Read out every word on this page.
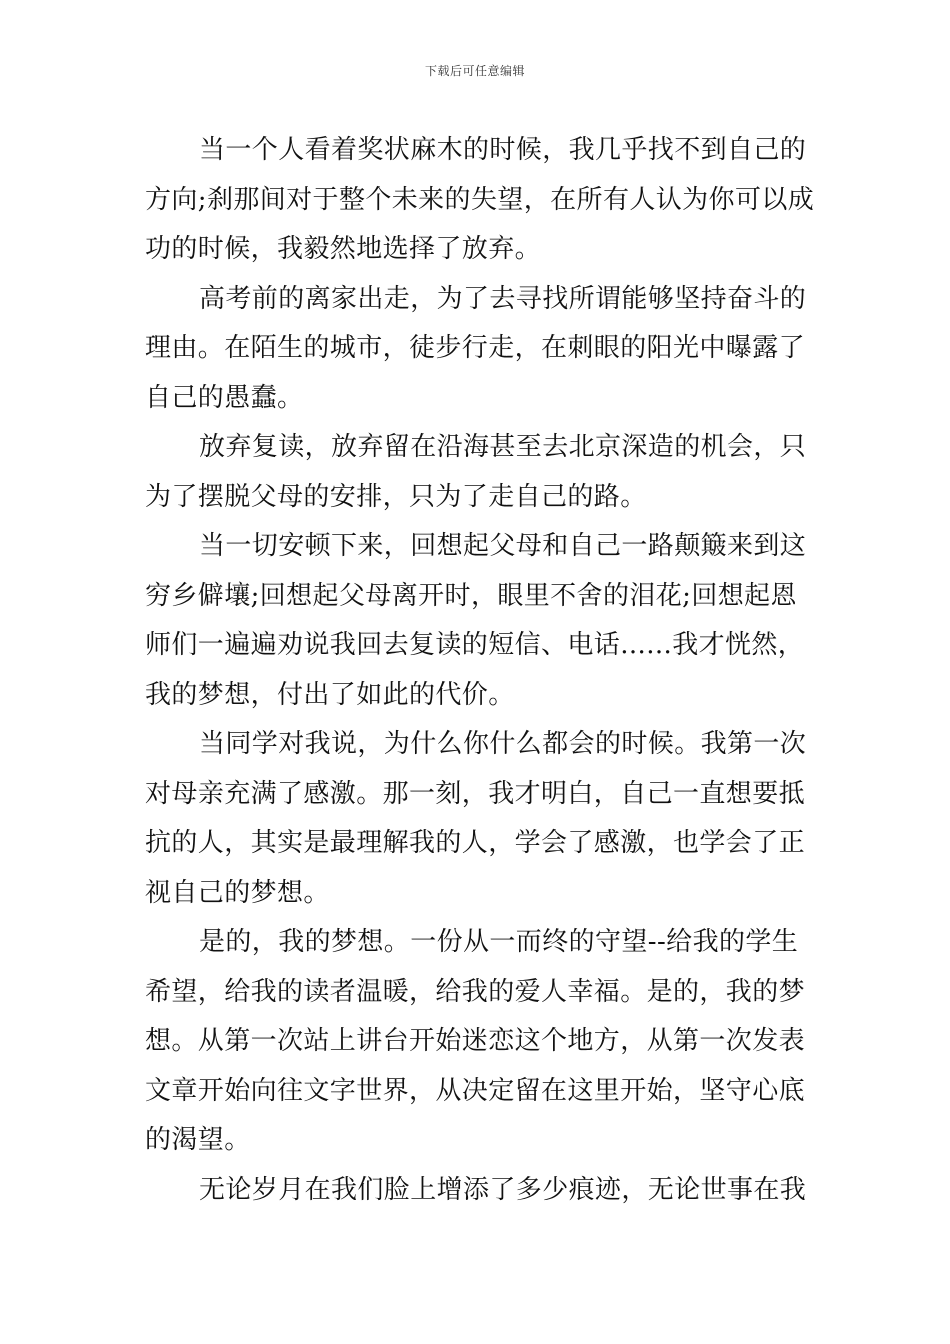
下载后可任意编辑
当一个人看着奖状麻木的时候，我几乎找不到自己的
方向;刹那间对于整个未来的失望，在所有人认为你可以成
功的时候，我毅然地选择了放弃。
高考前的离家出走，为了去寻找所谓能够坚持奋斗的
理由。在陌生的城市，徒步行走，在刺眼的阳光中曝露了
自己的愚蠢。
放弃复读，放弃留在沿海甚至去北京深造的机会，只
为了摆脱父母的安排，只为了走自己的路。
当一切安顿下来，回想起父母和自己一路颠簸来到这
穷乡僻壤;回想起父母离开时，眼里不舍的泪花;回想起恩
师们一遍遍劝说我回去复读的短信、电话......我才恍然，
我的梦想，付出了如此的代价。
当同学对我说，为什么你什么都会的时候。我第一次
对母亲充满了感激。那一刻，我才明白，自己一直想要抵
抗的人，其实是最理解我的人，学会了感激，也学会了正
视自己的梦想。
是的，我的梦想。一份从一而终的守望--给我的学生
希望，给我的读者温暖，给我的爱人幸福。是的，我的梦
想。从第一次站上讲台开始迷恋这个地方，从第一次发表
文章开始向往文字世界，从决定留在这里开始，坚守心底
的渴望。
无论岁月在我们脸上增添了多少痕迹，无论世事在我
